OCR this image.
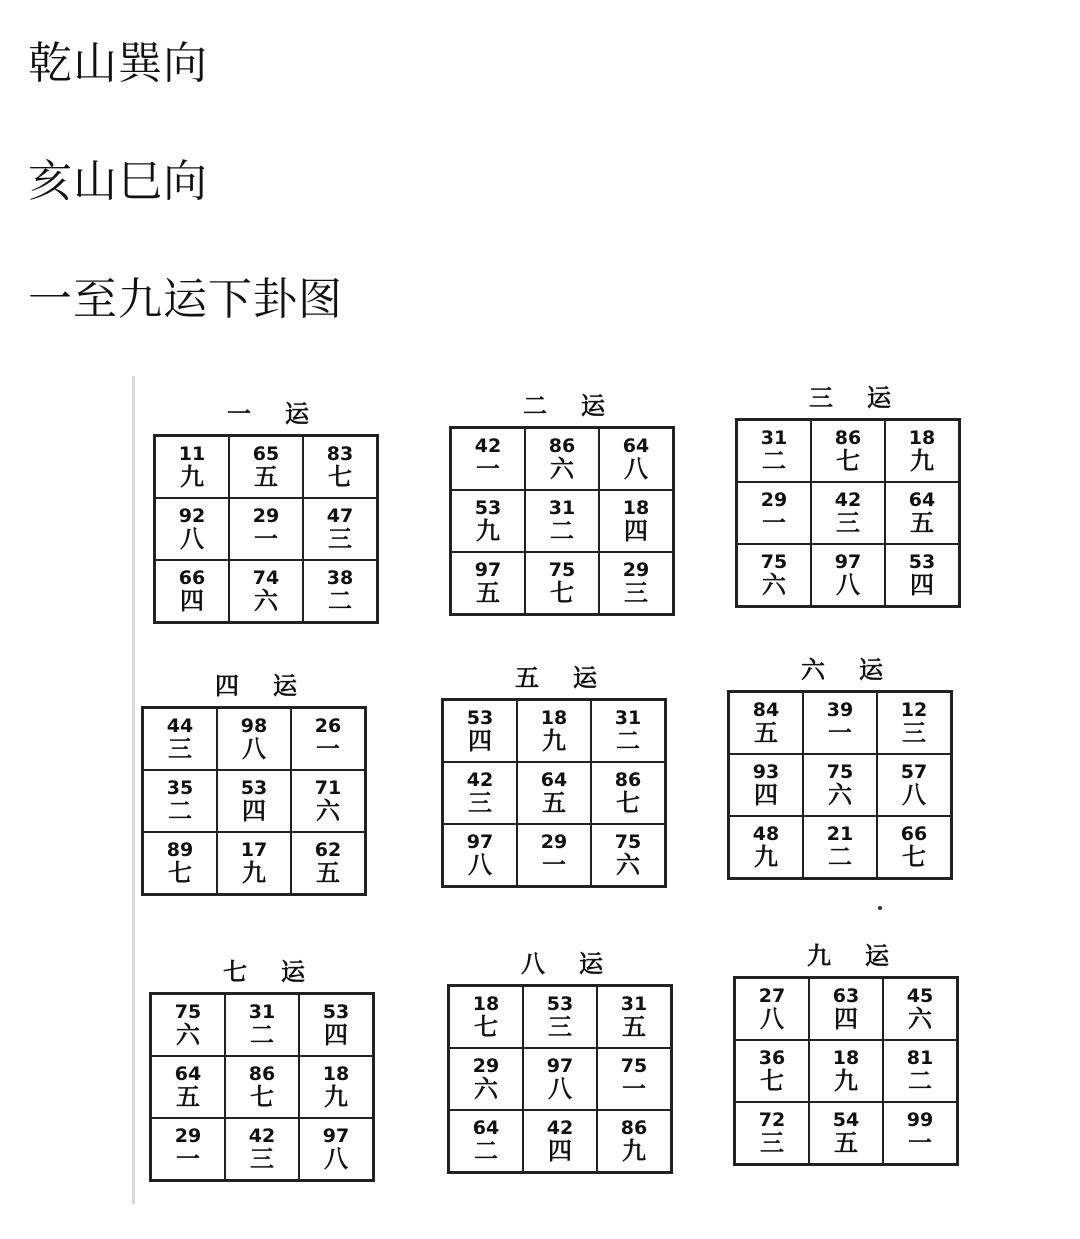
乾山巽向
亥山巳向
一至九运下卦图
一运
11
九
65
五
83
七
92
八
29
一
47
三
66
四
74
六
38
二
二运
42
一
86
六
64
八
53
九
31
二
18
四
97
五
75
七
29
三
三运
31
二
86
七
18
九
29
一
42
三
64
五
75
六
97
八
53
四
四运
44
三
98
八
26
一
35
二
53
四
71
六
89
七
17
九
62
五
五运
53
四
18
九
31
二
42
三
64
五
86
七
97
八
29
一
75
六
六运
84
五
39
一
12
三
93
四
75
六
57
八
48
九
21
二
66
七
七运
75
六
31
二
53
四
64
五
86
七
18
九
29
一
42
三
97
八
八运
18
七
53
三
31
五
29
六
97
八
75
一
64
二
42
四
86
九
九运
27
八
63
四
45
六
36
七
18
九
81
二
72
三
54
五
99
一
